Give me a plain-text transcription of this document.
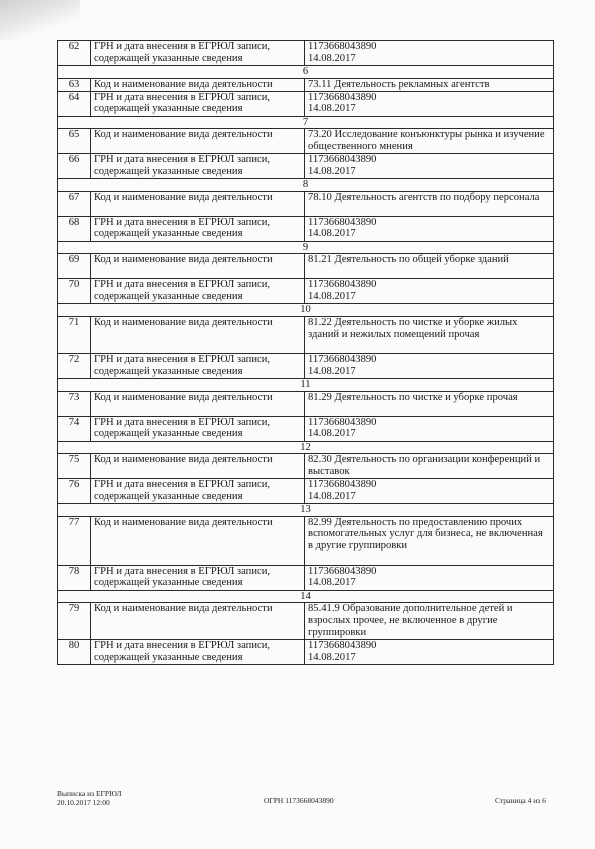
62	ГРН и дата внесения в ЕГРЮЛ записи, содержащей указанные сведения	1173668043890
14.08.2017
6		
63	Код и наименование вида деятельности	73.11 Деятельность рекламных агентств
64	ГРН и дата внесения в ЕГРЮЛ записи, содержащей указанные сведения	1173668043890
14.08.2017
7		
65	Код и наименование вида деятельности	73.20 Исследование конъюнктуры рынка и изучение общественного мнения
66	ГРН и дата внесения в ЕГРЮЛ записи, содержащей указанные сведения	1173668043890
14.08.2017
8		
67	Код и наименование вида деятельности	78.10 Деятельность агентств по подбору персонала
68	ГРН и дата внесения в ЕГРЮЛ записи, содержащей указанные сведения	1173668043890
14.08.2017
9		
69	Код и наименование вида деятельности	81.21 Деятельность по общей уборке зданий
70	ГРН и дата внесения в ЕГРЮЛ записи, содержащей указанные сведения	1173668043890
14.08.2017
10		
71	Код и наименование вида деятельности	81.22 Деятельность по чистке и уборке жилых зданий и нежилых помещений прочая
72	ГРН и дата внесения в ЕГРЮЛ записи, содержащей указанные сведения	1173668043890
14.08.2017
11		
73	Код и наименование вида деятельности	81.29 Деятельность по чистке и уборке прочая
74	ГРН и дата внесения в ЕГРЮЛ записи, содержащей указанные сведения	1173668043890
14.08.2017
12		
75	Код и наименование вида деятельности	82.30 Деятельность по организации конференций и выставок
76	ГРН и дата внесения в ЕГРЮЛ записи, содержащей указанные сведения	1173668043890
14.08.2017
13		
77	Код и наименование вида деятельности	82.99 Деятельность по предоставлению прочих вспомогательных услуг для бизнеса, не включенная в другие группировки
78	ГРН и дата внесения в ЕГРЮЛ записи, содержащей указанные сведения	1173668043890
14.08.2017
14		
79	Код и наименование вида деятельности	85.41.9 Образование дополнительное детей и взрослых прочее, не включенное в другие группировки
80	ГРН и дата внесения в ЕГРЮЛ записи, содержащей указанные сведения	1173668043890
14.08.2017
Выписка из ЕГРЮЛ
20.10.2017 12:00	ОГРН 1173668043890	Страница 4 из 6
